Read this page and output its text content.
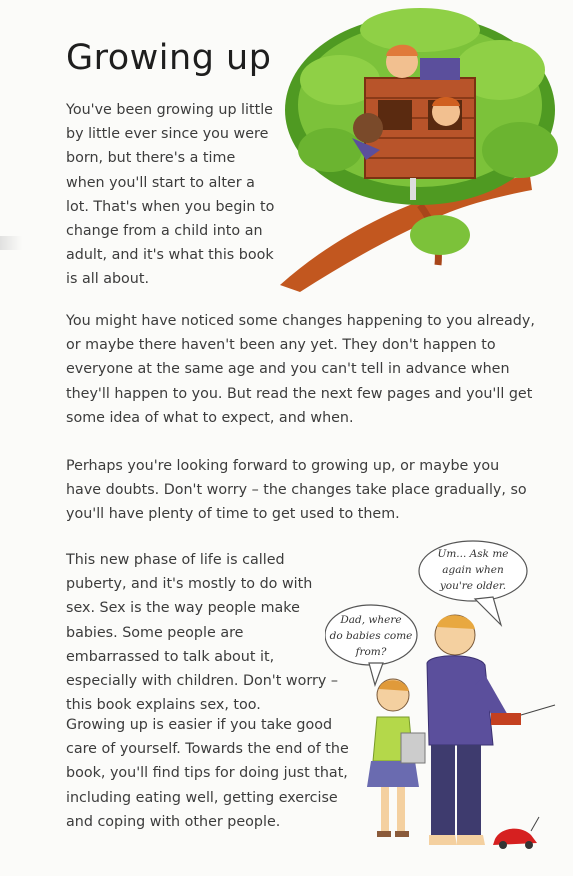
Growing up

You've been growing up little by little ever since you were born, but there's a time when you'll start to alter a lot. That's when you begin to change from a child into an adult, and it's what this book is all about.

You might have noticed some changes happening to you already, or maybe there haven't been any yet. They don't happen to everyone at the same age and you can't tell in advance when they'll happen to you. But read the next few pages and you'll get some idea of what to expect, and when.

Perhaps you're looking forward to growing up, or maybe you have doubts. Don't worry – the changes take place gradually, so you'll have plenty of time to get used to them.

This new phase of life is called puberty, and it's mostly to do with sex. Sex is the way people make babies. Some people are embarrassed to talk about it, especially with children. Don't worry – this book explains sex, too.

Growing up is easier if you take good care of yourself. Towards the end of the book, you'll find tips for doing just that, including eating well, getting exercise and coping with other people.

Um... Ask me
again when
you're older.
Dad, where
do babies come
from?
